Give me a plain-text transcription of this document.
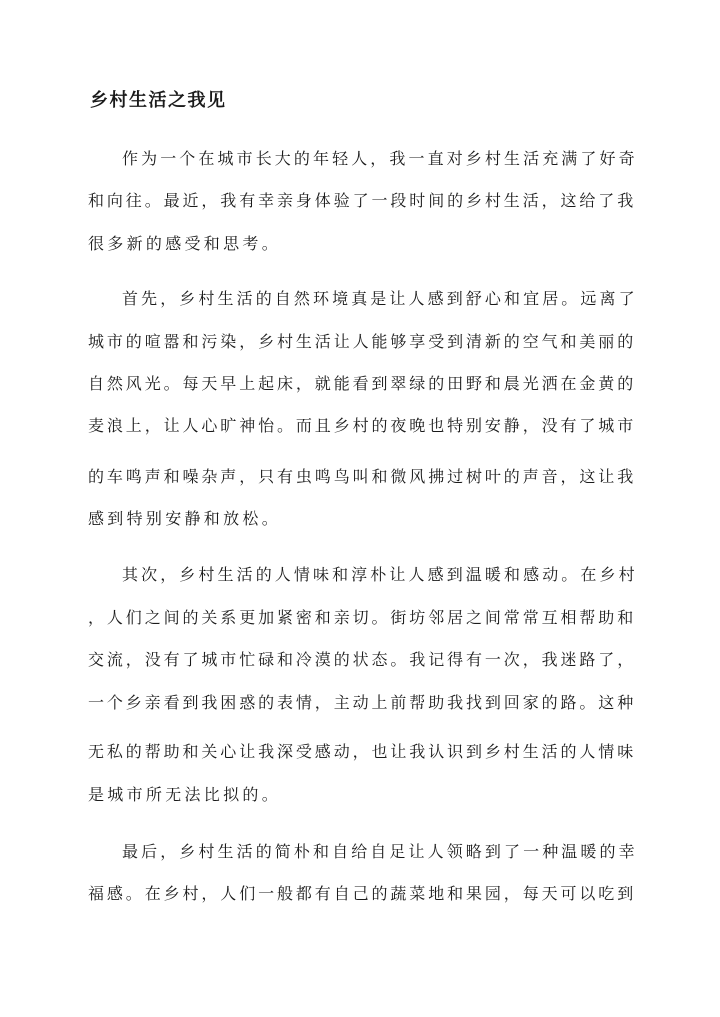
乡村生活之我见

作为一个在城市长大的年轻人，我一直对乡村生活充满了好奇

和向往。最近，我有幸亲身体验了一段时间的乡村生活，这给了我

很多新的感受和思考。

首先，乡村生活的自然环境真是让人感到舒心和宜居。远离了

城市的喧嚣和污染，乡村生活让人能够享受到清新的空气和美丽的

自然风光。每天早上起床，就能看到翠绿的田野和晨光洒在金黄的

麦浪上，让人心旷神怡。而且乡村的夜晚也特别安静，没有了城市

的车鸣声和噪杂声，只有虫鸣鸟叫和微风拂过树叶的声音，这让我

感到特别安静和放松。

其次，乡村生活的人情味和淳朴让人感到温暖和感动。在乡村

，人们之间的关系更加紧密和亲切。街坊邻居之间常常互相帮助和

交流，没有了城市忙碌和冷漠的状态。我记得有一次，我迷路了，

一个乡亲看到我困惑的表情，主动上前帮助我找到回家的路。这种

无私的帮助和关心让我深受感动，也让我认识到乡村生活的人情味

是城市所无法比拟的。

最后，乡村生活的简朴和自给自足让人领略到了一种温暖的幸

福感。在乡村，人们一般都有自己的蔬菜地和果园，每天可以吃到
